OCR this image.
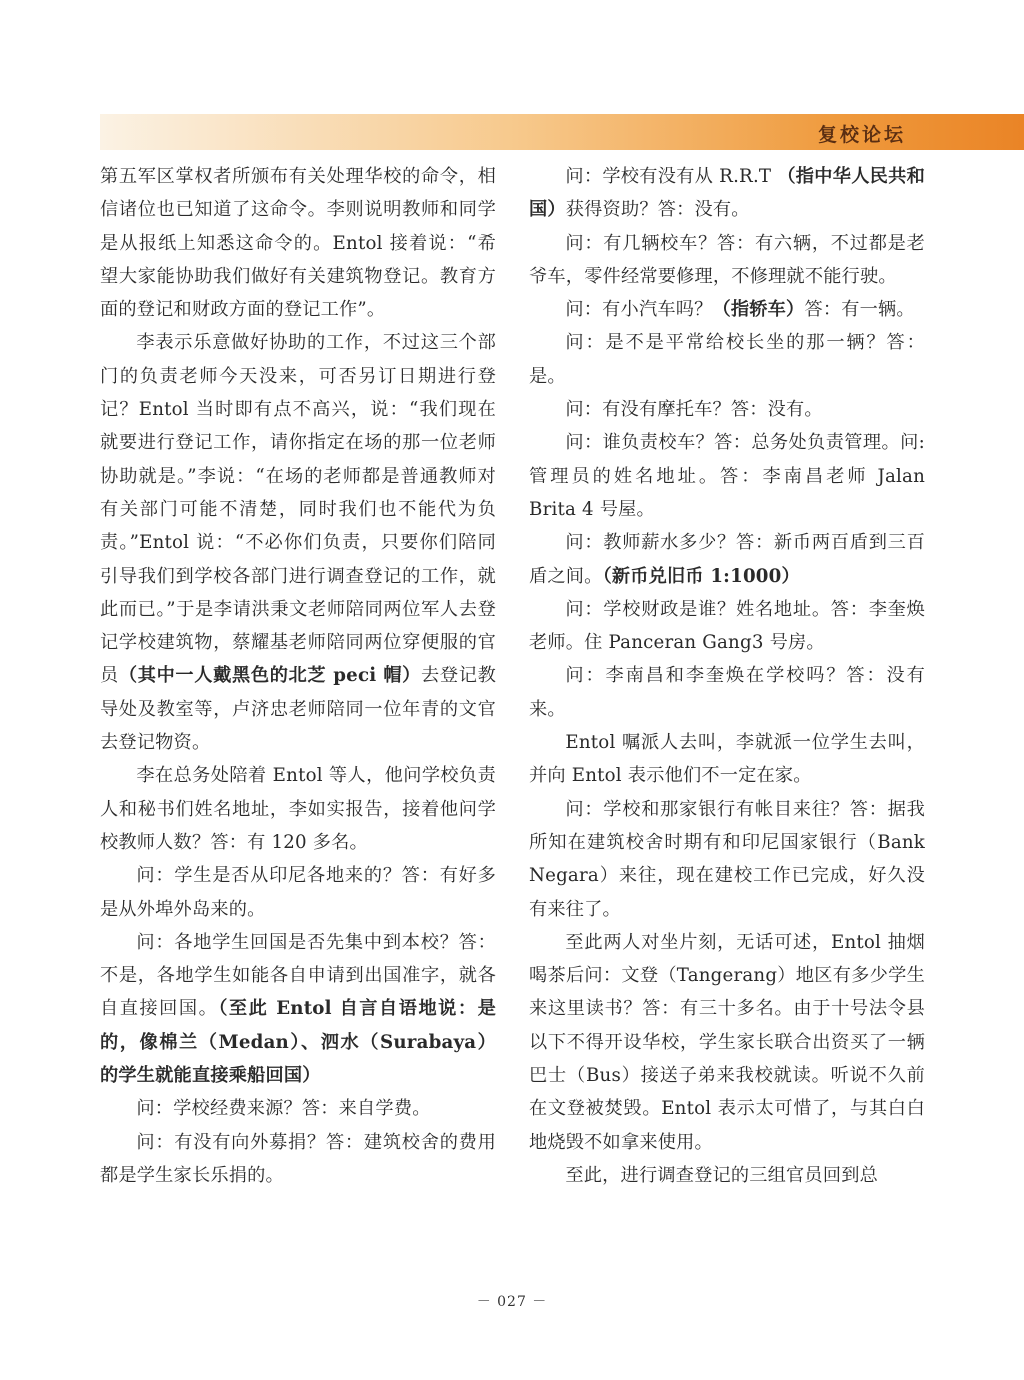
复校论坛

第五军区掌权者所颁布有关处理华校的命令，相信诸位也已知道了这命令。李则说明教师和同学是从报纸上知悉这命令的。Entol 接着说：“希望大家能协助我们做好有关建筑物登记。教育方面的登记和财政方面的登记工作”。

李表示乐意做好协助的工作，不过这三个部门的负责老师今天没来，可否另订日期进行登记？Entol 当时即有点不高兴，说：“我们现在就要进行登记工作，请你指定在场的那一位老师协助就是。”李说：“在场的老师都是普通教师对有关部门可能不清楚，同时我们也不能代为负责。”Entol 说：“不必你们负责，只要你们陪同引导我们到学校各部门进行调查登记的工作，就此而已。”于是李请洪秉文老师陪同两位军人去登记学校建筑物，蔡耀基老师陪同两位穿便服的官员（其中一人戴黑色的北芝 peci 帽）去登记教导处及教室等，卢济忠老师陪同一位年青的文官去登记物资。

李在总务处陪着 Entol 等人，他问学校负责人和秘书们姓名地址，李如实报告，接着他问学校教师人数？答：有 120 多名。

问：学生是否从印尼各地来的？答：有好多是从外埠外岛来的。

问：各地学生回国是否先集中到本校？答：不是，各地学生如能各自申请到出国准字，就各自直接回国。（至此 Entol 自言自语地说：是的，像棉兰（Medan）、泗水（Surabaya）的学生就能直接乘船回国）

问：学校经费来源？答：来自学费。

问：有没有向外募捐？答：建筑校舍的费用都是学生家长乐捐的。

问：学校有没有从 R.R.T （指中华人民共和国）获得资助？答：没有。

问：有几辆校车？答：有六辆，不过都是老爷车，零件经常要修理，不修理就不能行驶。

问：有小汽车吗？（指轿车）答：有一辆。

问：是不是平常给校长坐的那一辆？答：是。

问：有没有摩托车？答：没有。

问：谁负责校车？答：总务处负责管理。问:管理员的姓名地址。答：李南昌老师 Jalan Brita 4 号屋。

问：教师薪水多少？答：新币两百盾到三百盾之间。（新币兑旧币 1:1000）

问：学校财政是谁？姓名地址。答：李奎焕老师。住 Panceran Gang3 号房。

问：李南昌和李奎焕在学校吗？答：没有来。

Entol 嘱派人去叫，李就派一位学生去叫，并向 Entol 表示他们不一定在家。

问：学校和那家银行有帐目来往？答：据我所知在建筑校舍时期有和印尼国家银行（Bank Negara）来往，现在建校工作已完成，好久没有来往了。

至此两人对坐片刻，无话可述，Entol 抽烟喝茶后问：文登（Tangerang）地区有多少学生来这里读书？答：有三十多名。由于十号法令县 以下不得开设华校，学生家长联合出资买了一辆巴士（Bus）接送子弟来我校就读。听说不久前在文登被焚毁。Entol 表示太可惜了，与其白白地烧毁不如拿来使用。

至此，进行调查登记的三组官员回到总

－ 027 －
